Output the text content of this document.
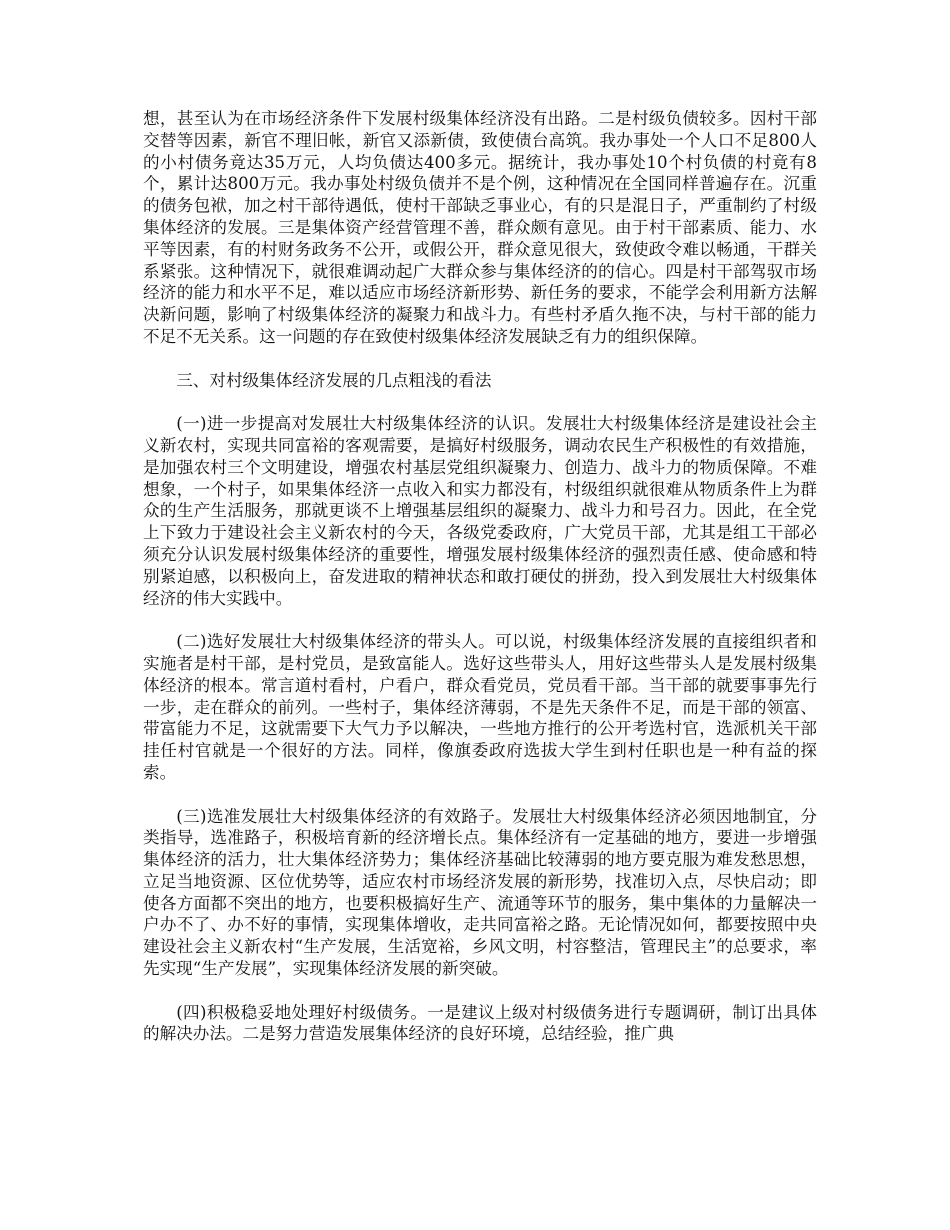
想，甚至认为在市场经济条件下发展村级集体经济没有出路。二是村级负债较多。因村干部交替等因素，新官不理旧帐，新官又添新债，致使债台高筑。我办事处一个人口不足800人的小村债务竟达35万元，人均负债达400多元。据统计，我办事处10个村负债的村竟有8个，累计达800万元。我办事处村级负债并不是个例，这种情况在全国同样普遍存在。沉重的债务包袱，加之村干部待遇低，使村干部缺乏事业心，有的只是混日子，严重制约了村级集体经济的发展。三是集体资产经营管理不善，群众颇有意见。由于村干部素质、能力、水平等因素，有的村财务政务不公开，或假公开，群众意见很大，致使政令难以畅通，干群关系紧张。这种情况下，就很难调动起广大群众参与集体经济的的信心。四是村干部驾驭市场经济的能力和水平不足，难以适应市场经济新形势、新任务的要求，不能学会利用新方法解决新问题，影响了村级集体经济的凝聚力和战斗力。有些村矛盾久拖不决，与村干部的能力不足不无关系。这一问题的存在致使村级集体经济发展缺乏有力的组织保障。

三、对村级集体经济发展的几点粗浅的看法

(一)进一步提高对发展壮大村级集体经济的认识。发展壮大村级集体经济是建设社会主义新农村，实现共同富裕的客观需要，是搞好村级服务，调动农民生产积极性的有效措施，是加强农村三个文明建设，增强农村基层党组织凝聚力、创造力、战斗力的物质保障。不难想象，一个村子，如果集体经济一点收入和实力都没有，村级组织就很难从物质条件上为群众的生产生活服务，那就更谈不上增强基层组织的凝聚力、战斗力和号召力。因此，在全党上下致力于建设社会主义新农村的今天，各级党委政府，广大党员干部，尤其是组工干部必须充分认识发展村级集体经济的重要性，增强发展村级集体经济的强烈责任感、使命感和特别紧迫感，以积极向上，奋发进取的精神状态和敢打硬仗的拼劲，投入到发展壮大村级集体经济的伟大实践中。

(二)选好发展壮大村级集体经济的带头人。可以说，村级集体经济发展的直接组织者和实施者是村干部，是村党员，是致富能人。选好这些带头人，用好这些带头人是发展村级集体经济的根本。常言道村看村，户看户，群众看党员，党员看干部。当干部的就要事事先行一步，走在群众的前列。一些村子，集体经济薄弱，不是先天条件不足，而是干部的领富、带富能力不足，这就需要下大气力予以解决，一些地方推行的公开考选村官，选派机关干部挂任村官就是一个很好的方法。同样，像旗委政府选拔大学生到村任职也是一种有益的探索。

(三)选准发展壮大村级集体经济的有效路子。发展壮大村级集体经济必须因地制宜，分类指导，选准路子，积极培育新的经济增长点。集体经济有一定基础的地方，要进一步增强集体经济的活力，壮大集体经济势力；集体经济基础比较薄弱的地方要克服为难发愁思想，立足当地资源、区位优势等，适应农村市场经济发展的新形势，找准切入点，尽快启动；即使各方面都不突出的地方，也要积极搞好生产、流通等环节的服务，集中集体的力量解决一户办不了、办不好的事情，实现集体增收，走共同富裕之路。无论情况如何，都要按照中央建设社会主义新农村“生产发展，生活宽裕，乡风文明，村容整洁，管理民主”的总要求，率先实现“生产发展”，实现集体经济发展的新突破。

(四)积极稳妥地处理好村级债务。一是建议上级对村级债务进行专题调研，制订出具体的解决办法。二是努力营造发展集体经济的良好环境，总结经验，推广典
